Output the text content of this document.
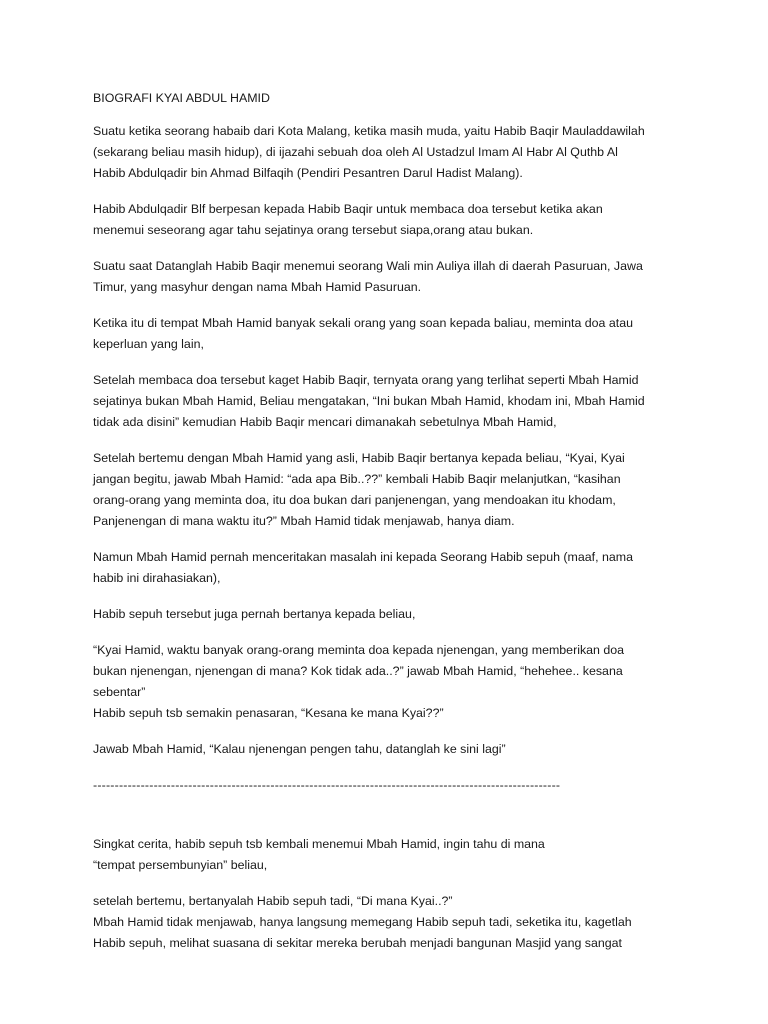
BIOGRAFI KYAI ABDUL HAMID

Suatu ketika seorang habaib dari Kota Malang, ketika masih muda, yaitu Habib Baqir Mauladdawilah
(sekarang beliau masih hidup), di ijazahi sebuah doa oleh Al Ustadzul Imam Al Habr Al Quthb Al
Habib Abdulqadir bin Ahmad Bilfaqih (Pendiri Pesantren Darul Hadist Malang).

Habib Abdulqadir Blf berpesan kepada Habib Baqir untuk membaca doa tersebut ketika akan
menemui seseorang agar tahu sejatinya orang tersebut siapa,orang atau bukan.

Suatu saat Datanglah Habib Baqir menemui seorang Wali min Auliya illah di daerah Pasuruan, Jawa
Timur, yang masyhur dengan nama Mbah Hamid Pasuruan.

Ketika itu di tempat Mbah Hamid banyak sekali orang yang soan kepada baliau, meminta doa atau
keperluan yang lain,

Setelah membaca doa tersebut kaget Habib Baqir, ternyata orang yang terlihat seperti Mbah Hamid
sejatinya bukan Mbah Hamid, Beliau mengatakan, “Ini bukan Mbah Hamid, khodam ini, Mbah Hamid
tidak ada disini” kemudian Habib Baqir mencari dimanakah sebetulnya Mbah Hamid,

Setelah bertemu dengan Mbah Hamid yang asli, Habib Baqir bertanya kepada beliau, “Kyai, Kyai
jangan begitu, jawab Mbah Hamid: “ada apa Bib..??” kembali Habib Baqir melanjutkan, “kasihan
orang-orang yang meminta doa, itu doa bukan dari panjenengan, yang mendoakan itu khodam,
Panjenengan di mana waktu itu?” Mbah Hamid tidak menjawab, hanya diam.

Namun Mbah Hamid pernah menceritakan masalah ini kepada Seorang Habib sepuh (maaf, nama
habib ini dirahasiakan),

Habib sepuh tersebut juga pernah bertanya kepada beliau,

“Kyai Hamid, waktu banyak orang-orang meminta doa kepada njenengan, yang memberikan doa
bukan njenengan, njenengan di mana? Kok tidak ada..?” jawab Mbah Hamid, “hehehee.. kesana
sebentar”
Habib sepuh tsb semakin penasaran, “Kesana ke mana Kyai??”

Jawab Mbah Hamid, “Kalau njenengan pengen tahu, datanglah ke sini lagi”

------------------------------------------------------------------------------------------------------------

Singkat cerita, habib sepuh tsb kembali menemui Mbah Hamid, ingin tahu di mana
“tempat persembunyian” beliau,

setelah bertemu, bertanyalah Habib sepuh tadi, “Di mana Kyai..?”
Mbah Hamid tidak menjawab, hanya langsung memegang Habib sepuh tadi, seketika itu, kagetlah
Habib sepuh, melihat suasana di sekitar mereka berubah menjadi bangunan Masjid yang sangat
